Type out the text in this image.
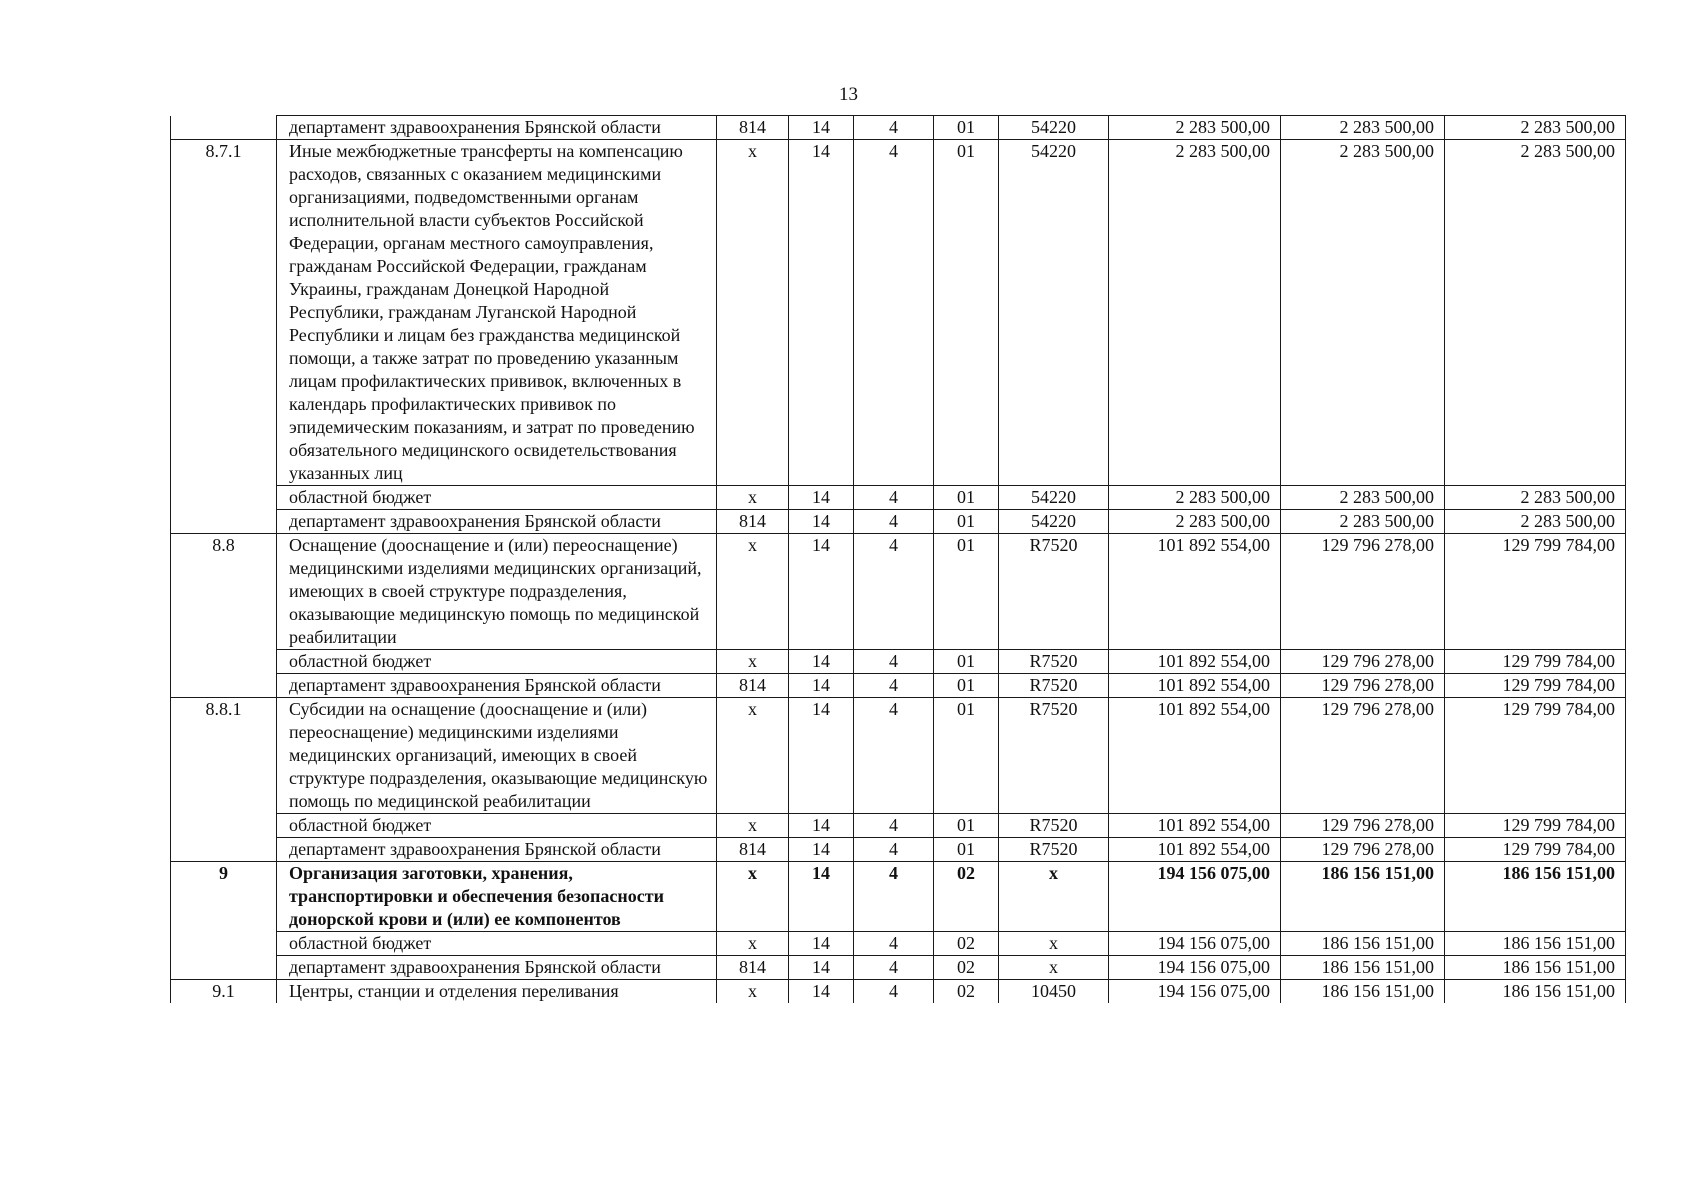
13
	департамент здравоохранения Брянской области	814	14	4	01	54220	2 283 500,00	2 283 500,00	2 283 500,00
8.7.1	Иные межбюджетные трансферты на компенсацию расходов, связанных с оказанием медицинскими организациями, подведомственными органам исполнительной власти субъектов Российской Федерации, органам местного самоуправления, гражданам Российской Федерации, гражданам Украины, гражданам Донецкой Народной Республики, гражданам Луганской Народной Республики и лицам без гражданства медицинской помощи, а также затрат по проведению указанным лицам профилактических прививок, включенных в календарь профилактических прививок по эпидемическим показаниям, и затрат по проведению обязательного медицинского освидетельствования указанных лиц	х	14	4	01	54220	2 283 500,00	2 283 500,00	2 283 500,00
	областной бюджет	х	14	4	01	54220	2 283 500,00	2 283 500,00	2 283 500,00
	департамент здравоохранения Брянской области	814	14	4	01	54220	2 283 500,00	2 283 500,00	2 283 500,00
8.8	Оснащение (дооснащение и (или) переоснащение) медицинскими изделиями медицинских организаций, имеющих в своей структуре подразделения, оказывающие медицинскую помощь по медицинской реабилитации	х	14	4	01	R7520	101 892 554,00	129 796 278,00	129 799 784,00
	областной бюджет	х	14	4	01	R7520	101 892 554,00	129 796 278,00	129 799 784,00
	департамент здравоохранения Брянской области	814	14	4	01	R7520	101 892 554,00	129 796 278,00	129 799 784,00
8.8.1	Субсидии на оснащение (дооснащение и (или) переоснащение) медицинскими изделиями медицинских организаций, имеющих в своей структуре подразделения, оказывающие медицинскую помощь по медицинской реабилитации	х	14	4	01	R7520	101 892 554,00	129 796 278,00	129 799 784,00
	областной бюджет	х	14	4	01	R7520	101 892 554,00	129 796 278,00	129 799 784,00
	департамент здравоохранения Брянской области	814	14	4	01	R7520	101 892 554,00	129 796 278,00	129 799 784,00
9	Организация заготовки, хранения, транспортировки и обеспечения безопасности донорской крови и (или) ее компонентов	х	14	4	02	х	194 156 075,00	186 156 151,00	186 156 151,00
	областной бюджет	х	14	4	02	х	194 156 075,00	186 156 151,00	186 156 151,00
	департамент здравоохранения Брянской области	814	14	4	02	х	194 156 075,00	186 156 151,00	186 156 151,00
9.1	Центры, станции и отделения переливания	х	14	4	02	10450	194 156 075,00	186 156 151,00	186 156 151,00
